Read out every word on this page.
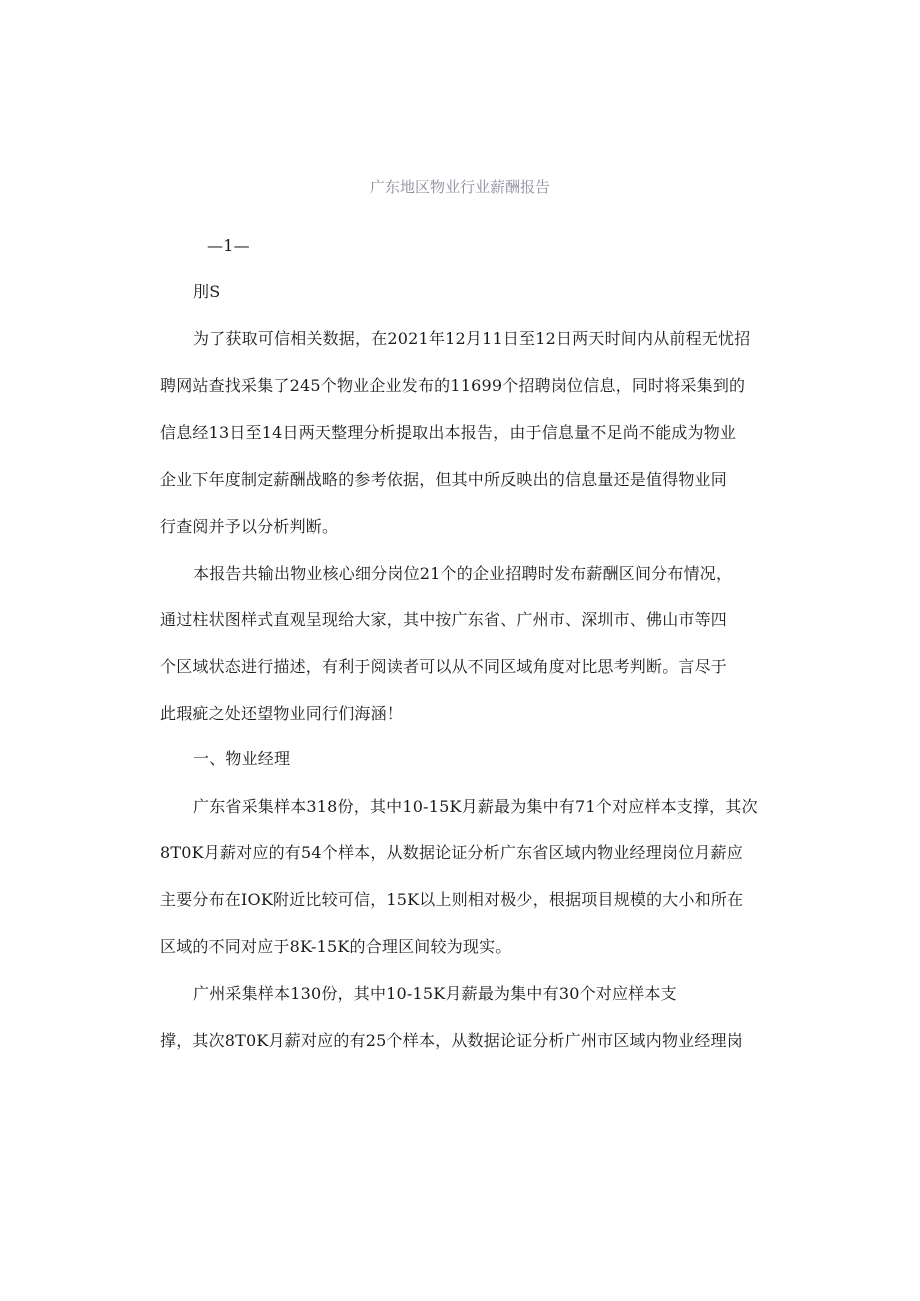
广东地区物业行业薪酬报告
—1—
刖S
为了获取可信相关数据，在2021年12月11日至12日两天时间内从前程无忧招
聘网站查找采集了245个物业企业发布的11699个招聘岗位信息，同时将采集到的
信息经13日至14日两天整理分析提取出本报告，由于信息量不足尚不能成为物业
企业下年度制定薪酬战略的参考依据，但其中所反映出的信息量还是值得物业同
行查阅并予以分析判断。
本报告共输出物业核心细分岗位21个的企业招聘时发布薪酬区间分布情况，
通过柱状图样式直观呈现给大家，其中按广东省、广州市、深圳市、佛山市等四
个区域状态进行描述，有利于阅读者可以从不同区域角度对比思考判断。言尽于
此瑕疵之处还望物业同行们海涵！
一、物业经理
广东省采集样本318份，其中10-15K月薪最为集中有71个对应样本支撑，其次
8T0K月薪对应的有54个样本，从数据论证分析广东省区域内物业经理岗位月薪应
主要分布在IOK附近比较可信，15K以上则相对极少，根据项目规模的大小和所在
区域的不同对应于8K-15K的合理区间较为现实。
广州采集样本130份，其中10-15K月薪最为集中有30个对应样本支
撑，其次8T0K月薪对应的有25个样本，从数据论证分析广州市区域内物业经理岗
